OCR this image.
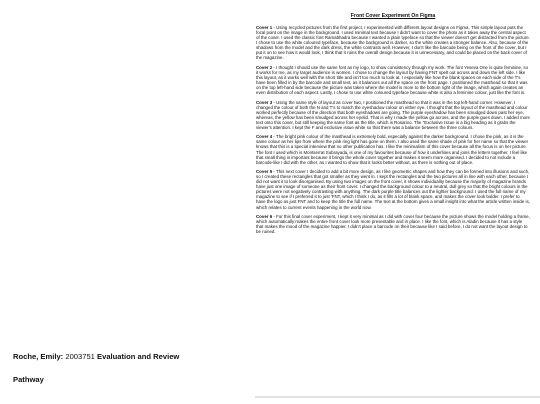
Roche, Emily: 2003751 Evaluation and Review
Pathway
Front Cover Experiment On Figma

Cover 1 - Using recycled pictures from the first project, I experimented with different layout designs on Figma. This simple layout puts the focal point on the image in the background. I used minimal text because I didn't want to cover the photo as it takes away the central aspect of the cover. I used the classic font Ramabhadra because I wanted a plain typeface so that the viewer doesn't get distracted from the picture. I chose to use the white coloured typeface, because the background is darker, so the white creates a stronger balance. Also, because of the shadows from the model and the dark dress, the white contrasts well. However, I don't like the barcode being on the front of the cover, but I put it on to see how it would look, I think that it ruins the overall design because it is unnecessary, and could be placed on the back cover of the magazine.

Cover 2 - I thought I should use the same font as my logo, to show consistency through my work. The font Yeseva One is quite feminine, so it works for me, as my target audience is women. I chose to change the layout by having FNT spelt out across and down the left side. I like this layout, as it works well with the short title and isn't too much to look at. I especially like how the blank spaces on each side of the T's have been filled in by the barcode and small text, as it balances out all the space on the front page. I positioned the masthead so that it was on the top left-hand side because the picture was taken where the model is more to the bottom right of the image, which again creates an even distribution of each aspect. Lastly, I chose to use white coloured typeface because white is also a feminine colour, just like the font is.

Cover 3 - Using the same style of layout as cover two, I positioned the masthead so that it was in the top left-hand corner. However, I changed the colour of both the N and T's to match the eyeshadow colour on either eye. I thought that the layout of the masthead and colour worked perfectly because of the direction that both eyeshadows are going. The purple eyeshadow has been smudged down past her eye, whereas, the yellow has been smudged across her eyelid. That is why I made the yellow go across, and the purple goes down. I added more text onto this cover, but still keeping the same font as the title, which is Rosarivo. The "Exclusive Issue is a big heading as it grabs the viewer's attention. I kept the F and exclusive issue white so that there was a balance between the three colours.

Cover 4 - The bright pink colour of the masthead is extremely bold, especially against the darker background. I chose the pink, as it is the same colour as her lips from where the pink ring light has gone on them. I also used the same shade of pink for her name so that the viewer knows that this is a special interview that no other publication has. I like the minimalism of this cover because all the focus is on her picture. The font I used which is Montserrat Subrayada, is one of my favourites because of how it underlines and joins the letters together. I feel like that small thing is important because it brings the whole cover together and makes it seem more organised. I decided to not include a barcode-like I did with the other, as I wanted to show that it looks better without, as there is nothing out of place.

Cover 5 - This next cover I decided to add a bit more design, as I like geometric shapes and how they can be formed into illusions and such, so I created these rectangles that got smaller as they went in. I kept the rectangles and the two pictures all in line with each other, because I did not want it to look disorganised. By using two images on the front cover, it shows individuality because the majority of magazine brands have just one image of someone as their front cover. I changed the background colour to a neutral, dull grey so that the bright colours in the pictures were not negatively contrasting with anything. The dark purple title balances out the lighter background. I used the full name of my magazine to see if I preferred it to just 'FNT, which I think I do, as it fills a lot of blank space, and makes the cover look bolder. I prefer to have the logo as just FNT and to keep the title the full name. The text at the bottom gives a small insight into what the article written inside is, which relates to current events happening in the world now.

Cover 6 - For this final cover experiment, I kept it very minimal as I did with cover four because the picture shows the model holding a frame, which automatically makes the entire front cover look more presentable and in place. I like the font, which is Aladin because it has a style that makes the mood of the magazine happier. I didn't place a barcode on their because like I said before, I do not want the layout design to be ruined.
